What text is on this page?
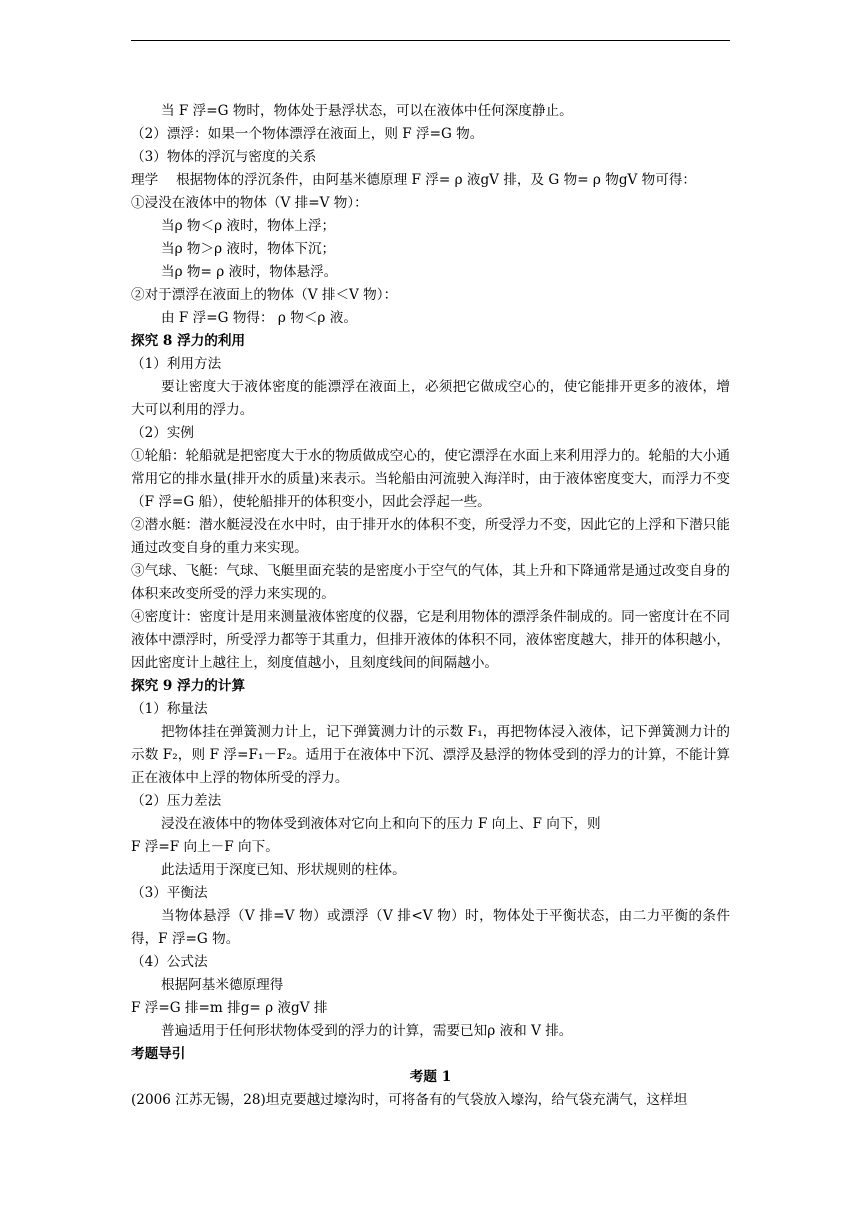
当 F 浮=G 物时，物体处于悬浮状态，可以在液体中任何深度静止。
（2）漂浮：如果一个物体漂浮在液面上，则 F 浮=G 物。
（3）物体的浮沉与密度的关系
理学　 根据物体的浮沉条件，由阿基米德原理 F 浮= ρ 液gV 排，及 G 物= ρ 物gV 物可得：
①浸没在液体中的物体（V 排=V 物）：
当ρ 物＜ρ 液时，物体上浮；
当ρ 物＞ρ 液时，物体下沉；
当ρ 物= ρ 液时，物体悬浮。
②对于漂浮在液面上的物体（V 排＜V 物）：
由 F 浮=G 物得： ρ 物＜ρ 液。
探究 8 浮力的利用
（1）利用方法
要让密度大于液体密度的能漂浮在液面上，必须把它做成空心的，使它能排开更多的液体，增大可以利用的浮力。
（2）实例
①轮船：轮船就是把密度大于水的物质做成空心的，使它漂浮在水面上来利用浮力的。轮船的大小通常用它的排水量(排开水的质量)来表示。当轮船由河流驶入海洋时，由于液体密度变大，而浮力不变（F 浮=G 船），使轮船排开的体积变小，因此会浮起一些。
②潜水艇：潜水艇浸没在水中时，由于排开水的体积不变，所受浮力不变，因此它的上浮和下潜只能通过改变自身的重力来实现。
③气球、飞艇：气球、飞艇里面充装的是密度小于空气的气体，其上升和下降通常是通过改变自身的体积来改变所受的浮力来实现的。
④密度计：密度计是用来测量液体密度的仪器，它是利用物体的漂浮条件制成的。同一密度计在不同液体中漂浮时，所受浮力都等于其重力，但排开液体的体积不同，液体密度越大，排开的体积越小，因此密度计上越往上，刻度值越小，且刻度线间的间隔越小。
探究 9 浮力的计算
（1）称量法
把物体挂在弹簧测力计上，记下弹簧测力计的示数 F₁，再把物体浸入液体，记下弹簧测力计的示数 F₂，则 F 浮=F₁－F₂。适用于在液体中下沉、漂浮及悬浮的物体受到的浮力的计算，不能计算正在液体中上浮的物体所受的浮力。
（2）压力差法
浸没在液体中的物体受到液体对它向上和向下的压力 F 向上、F 向下，则
F 浮=F 向上－F 向下。
此法适用于深度已知、形状规则的柱体。
（3）平衡法
当物体悬浮（V 排=V 物）或漂浮（V 排<V 物）时，物体处于平衡状态，由二力平衡的条件得，F 浮=G 物。
（4）公式法
根据阿基米德原理得
F 浮=G 排=m 排g= ρ 液gV 排
普遍适用于任何形状物体受到的浮力的计算，需要已知ρ 液和 V 排。
考题导引
考题 1
(2006 江苏无锡，28)坦克要越过壕沟时，可将备有的气袋放入壕沟，给气袋充满气，这样坦
